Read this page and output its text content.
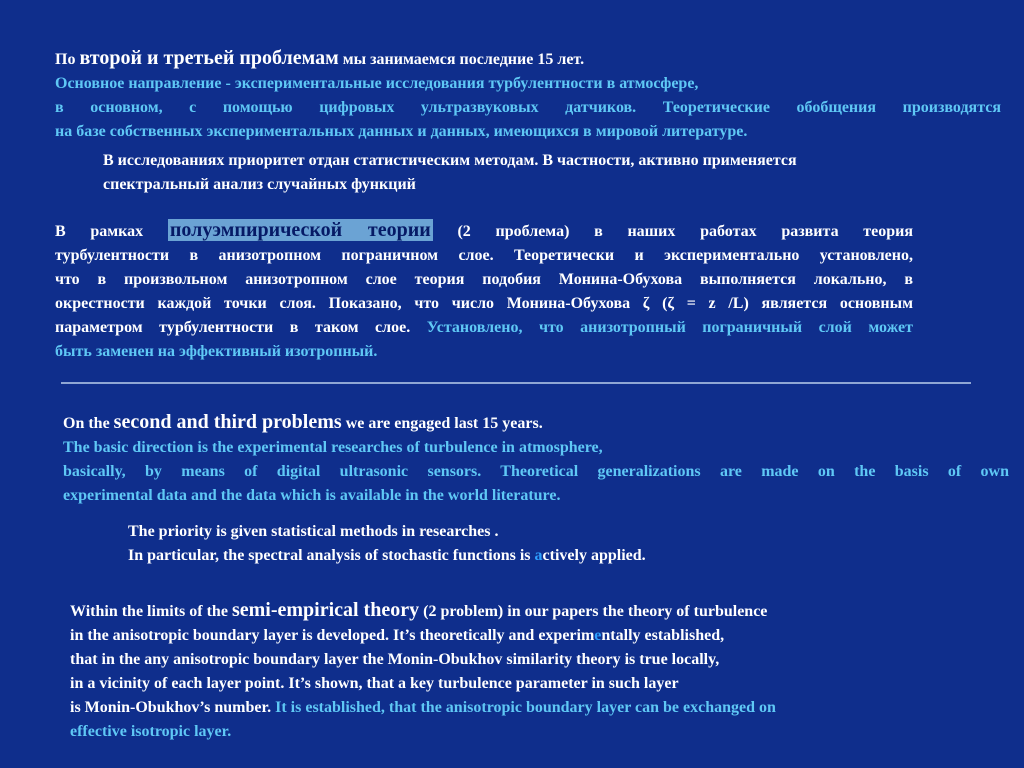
По второй и третьей проблемам мы занимаемся последние 15 лет.
Основное направление - экспериментальные исследования турбулентности в атмосфере,
в основном, с помощью цифровых ультразвуковых датчиков. Теоретические обобщения производятся
на базе собственных экспериментальных данных и данных, имеющихся в мировой литературе.
В исследованиях приоритет отдан статистическим методам. В частности, активно применяется
спектральный анализ случайных функций
В рамках полуэмпирической теории (2 проблема) в наших работах развита теория
турбулентности в анизотропном пограничном слое. Теоретически и экспериментально установлено,
что в произвольном анизотропном слое теория подобия Монина-Обухова выполняется локально, в
окрестности каждой точки слоя. Показано, что число Монина-Обухова ζ (ζ = z /L) является основным
параметром турбулентности в таком слое. Установлено, что анизотропный пограничный слой может
быть заменен на эффективный изотропный.
On the second and third problems we are engaged last 15 years.
The basic direction is the experimental researches of turbulence in atmosphere,
basically, by means of digital ultrasonic sensors. Theoretical generalizations are made on the basis of own
experimental data and the data which is available in the world literature.
The priority is given statistical methods in researches .
In particular, the spectral analysis of stochastic functions is actively applied.
Within the limits of the semi-empirical theory (2 problem) in our papers the theory of turbulence
in the anisotropic boundary layer is developed. It’s theoretically and experimentally established,
that in the any anisotropic boundary layer the Monin-Obukhov similarity theory is true locally,
in a vicinity of each layer point. It’s shown, that a key turbulence parameter in such layer
is Monin-Obukhov’s number. It is established, that the anisotropic boundary layer can be exchanged on
effective isotropic layer.
